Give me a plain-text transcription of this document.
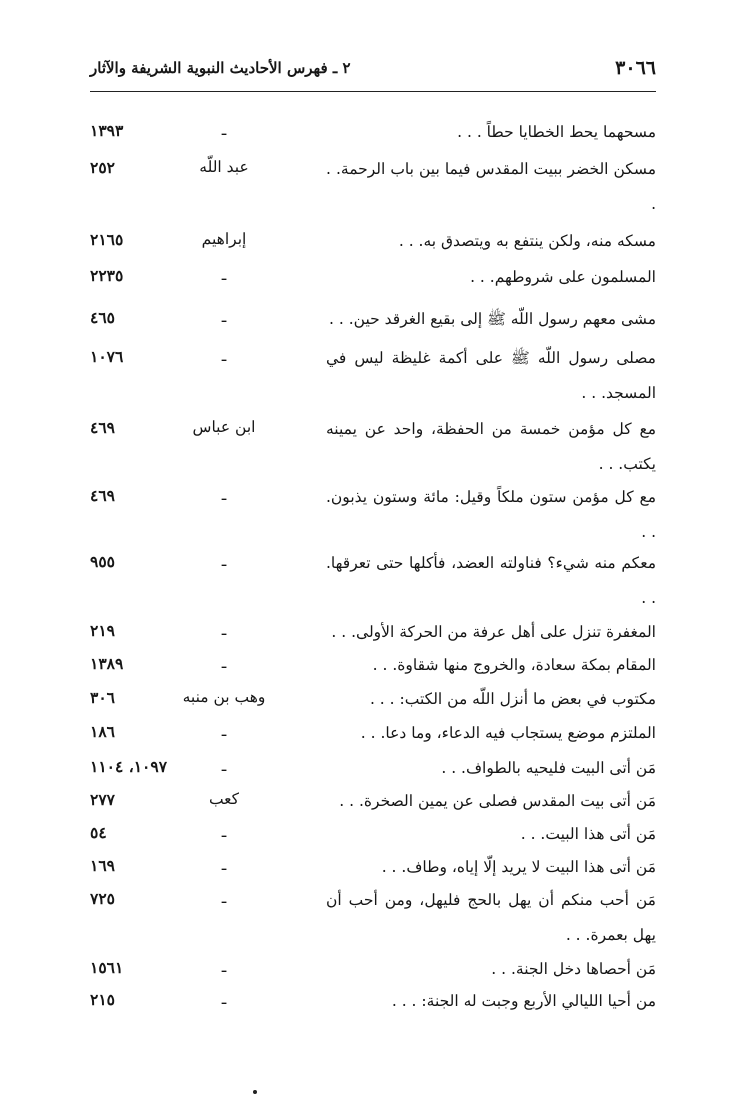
٣٠٦٦
٢ ـ فهرس الأحاديث النبوية الشريفة والآثار
مسحهما يحط الخطايا حطاً . . .
ـ
١٣٩٣
مسكن الخضر ببيت المقدس فيما بين باب الرحمة. . .
عبد اللّه
٢٥٢
مسكه منه، ولكن ينتفع به ويتصدق به. . .
إبراهيم
٢١٦٥
المسلمون على شروطهم. . .
ـ
٢٢٣٥
مشى معهم رسول اللّه ﷺ إلى بقيع الغرقد حين. . .
ـ
٤٦٥
مصلى رسول اللّه ﷺ على أكمة غليظة ليس في المسجد. . .
ـ
١٠٧٦
مع كل مؤمن خمسة من الحفظة، واحد عن يمينه يكتب. . .
ابن عباس
٤٦٩
مع كل مؤمن ستون ملكاً وقيل: مائة وستون يذبون. . .
ـ
٤٦٩
معكم منه شيء؟ فناولته العضد، فأكلها حتى تعرقها. . .
ـ
٩٥٥
المغفرة تنزل على أهل عرفة من الحركة الأولى. . .
ـ
٢١٩
المقام بمكة سعادة، والخروج منها شقاوة. . .
ـ
١٣٨٩
مكتوب في بعض ما أنزل اللّه من الكتب: . . .
وهب بن منبه
٣٠٦
الملتزم موضع يستجاب فيه الدعاء، وما دعا. . .
ـ
١٨٦
مَن أتى البيت فليحيه بالطواف. . .
ـ
١٠٩٧، ١١٠٤
مَن أتى بيت المقدس فصلى عن يمين الصخرة. . .
كعب
٢٧٧
مَن أتى هذا البيت. . .
ـ
٥٤
مَن أتى هذا البيت لا يريد إلّا إياه، وطاف. . .
ـ
١٦٩
مَن أحب منكم أن يهل بالحج فليهل، ومن أحب أن يهل بعمرة. . .
ـ
٧٢٥
مَن أحصاها دخل الجنة. . .
ـ
١٥٦١
من أحيا الليالي الأربع وجبت له الجنة: . . .
ـ
٢١٥
